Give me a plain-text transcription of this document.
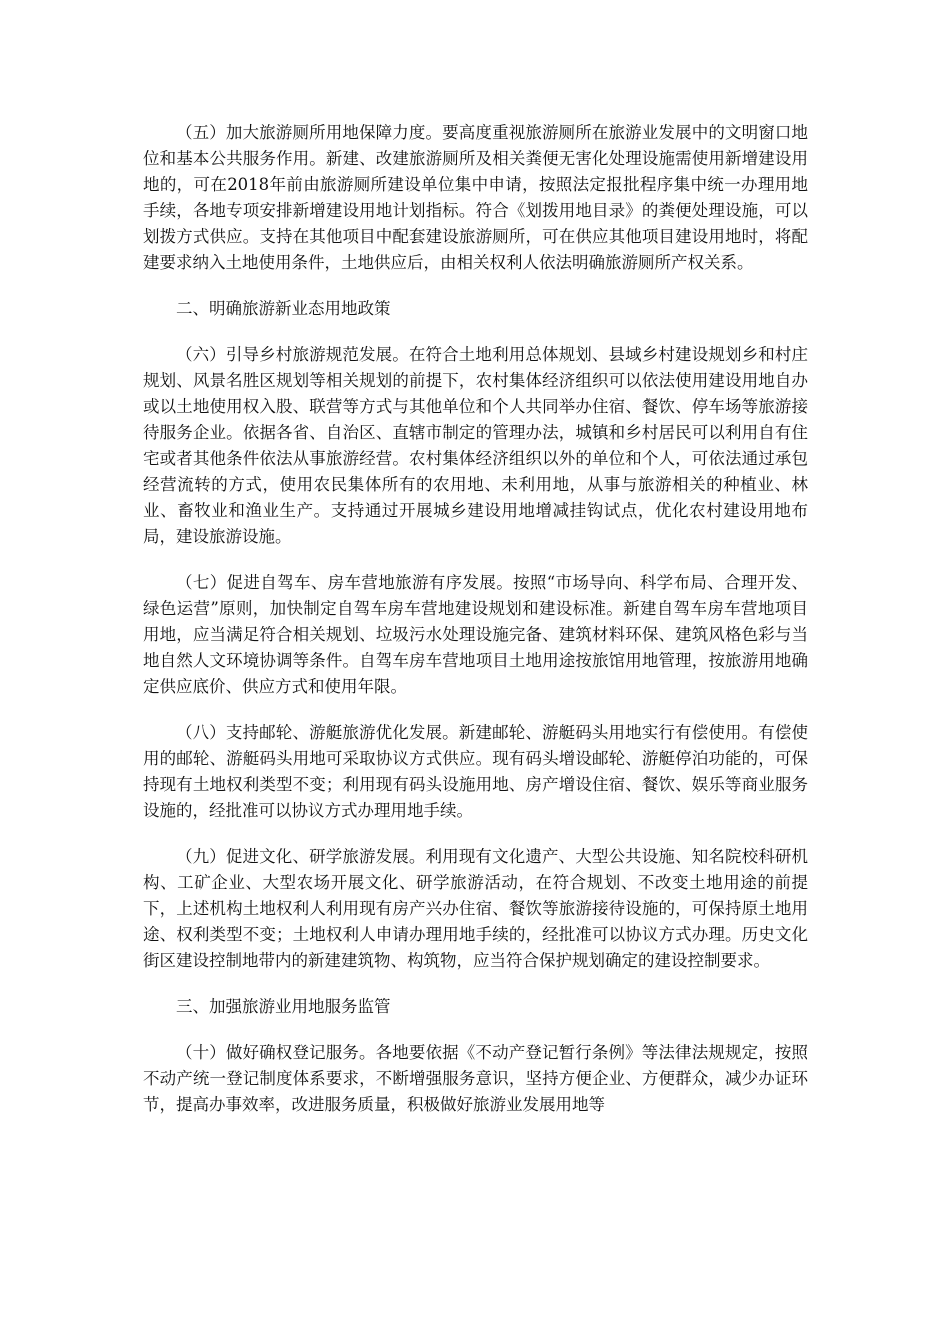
（五）加大旅游厕所用地保障力度。要高度重视旅游厕所在旅游业发展中的文明窗口地位和基本公共服务作用。新建、改建旅游厕所及相关粪便无害化处理设施需使用新增建设用地的，可在2018年前由旅游厕所建设单位集中申请，按照法定报批程序集中统一办理用地手续，各地专项安排新增建设用地计划指标。符合《划拨用地目录》的粪便处理设施，可以划拨方式供应。支持在其他项目中配套建设旅游厕所，可在供应其他项目建设用地时，将配建要求纳入土地使用条件，土地供应后，由相关权利人依法明确旅游厕所产权关系。

二、明确旅游新业态用地政策

（六）引导乡村旅游规范发展。在符合土地利用总体规划、县域乡村建设规划乡和村庄规划、风景名胜区规划等相关规划的前提下，农村集体经济组织可以依法使用建设用地自办或以土地使用权入股、联营等方式与其他单位和个人共同举办住宿、餐饮、停车场等旅游接待服务企业。依据各省、自治区、直辖市制定的管理办法，城镇和乡村居民可以利用自有住宅或者其他条件依法从事旅游经营。农村集体经济组织以外的单位和个人，可依法通过承包经营流转的方式，使用农民集体所有的农用地、未利用地，从事与旅游相关的种植业、林业、畜牧业和渔业生产。支持通过开展城乡建设用地增减挂钩试点，优化农村建设用地布局，建设旅游设施。

（七）促进自驾车、房车营地旅游有序发展。按照“市场导向、科学布局、合理开发、绿色运营”原则，加快制定自驾车房车营地建设规划和建设标准。新建自驾车房车营地项目用地，应当满足符合相关规划、垃圾污水处理设施完备、建筑材料环保、建筑风格色彩与当地自然人文环境协调等条件。自驾车房车营地项目土地用途按旅馆用地管理，按旅游用地确定供应底价、供应方式和使用年限。

（八）支持邮轮、游艇旅游优化发展。新建邮轮、游艇码头用地实行有偿使用。有偿使用的邮轮、游艇码头用地可采取协议方式供应。现有码头增设邮轮、游艇停泊功能的，可保持现有土地权利类型不变；利用现有码头设施用地、房产增设住宿、餐饮、娱乐等商业服务设施的，经批准可以协议方式办理用地手续。

（九）促进文化、研学旅游发展。利用现有文化遗产、大型公共设施、知名院校科研机构、工矿企业、大型农场开展文化、研学旅游活动，在符合规划、不改变土地用途的前提下，上述机构土地权利人利用现有房产兴办住宿、餐饮等旅游接待设施的，可保持原土地用途、权利类型不变；土地权利人申请办理用地手续的，经批准可以协议方式办理。历史文化街区建设控制地带内的新建建筑物、构筑物，应当符合保护规划确定的建设控制要求。

三、加强旅游业用地服务监管

（十）做好确权登记服务。各地要依据《不动产登记暂行条例》等法律法规规定，按照不动产统一登记制度体系要求，不断增强服务意识，坚持方便企业、方便群众，减少办证环节，提高办事效率，改进服务质量，积极做好旅游业发展用地等
